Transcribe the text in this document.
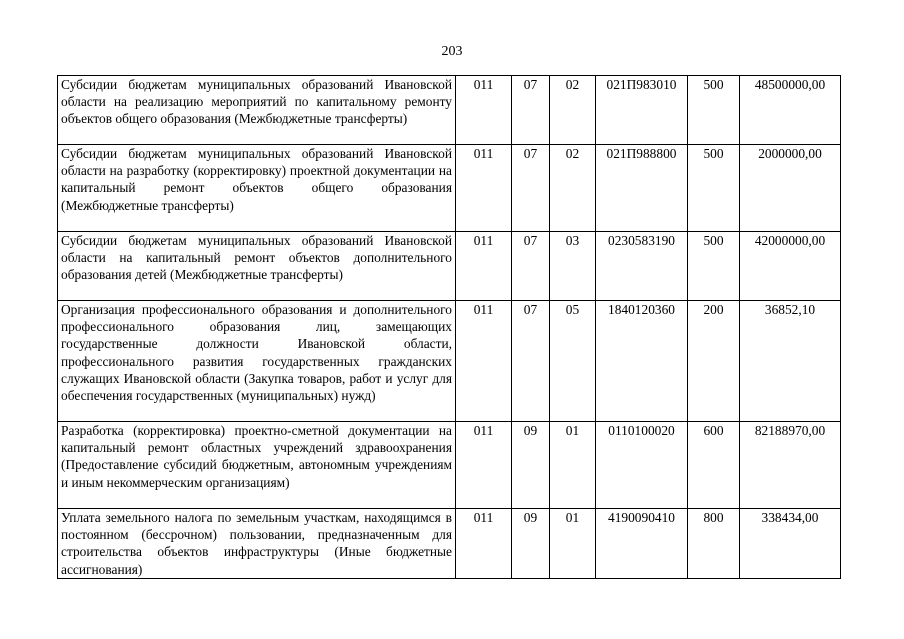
203
Субсидии бюджетам муниципальных образований Ивановской области на реализацию мероприятий по капитальному ремонту объектов общего образования (Межбюджетные трансферты)	011	07	02	021П983010	500	48500000,00
Субсидии бюджетам муниципальных образований Ивановской области на разработку (корректировку) проектной документации на капитальный ремонт объектов общего образования (Межбюджетные трансферты)	011	07	02	021П988800	500	2000000,00
Субсидии бюджетам муниципальных образований Ивановской области на капитальный ремонт объектов дополнительного образования детей (Межбюджетные трансферты)	011	07	03	0230583190	500	42000000,00
Организация профессионального образования и дополнительного профессионального образования лиц, замещающих государственные должности Ивановской области, профессионального развития государственных гражданских служащих Ивановской области (Закупка товаров, работ и услуг для обеспечения государственных (муниципальных) нужд)	011	07	05	1840120360	200	36852,10
Разработка (корректировка) проектно-сметной документации на капитальный ремонт областных учреждений здравоохранения (Предоставление субсидий бюджетным, автономным учреждениям и иным некоммерческим организациям)	011	09	01	0110100020	600	82188970,00
Уплата земельного налога по земельным участкам, находящимся в постоянном (бессрочном) пользовании, предназначенным для строительства объектов инфраструктуры (Иные бюджетные ассигнования)	011	09	01	4190090410	800	338434,00
